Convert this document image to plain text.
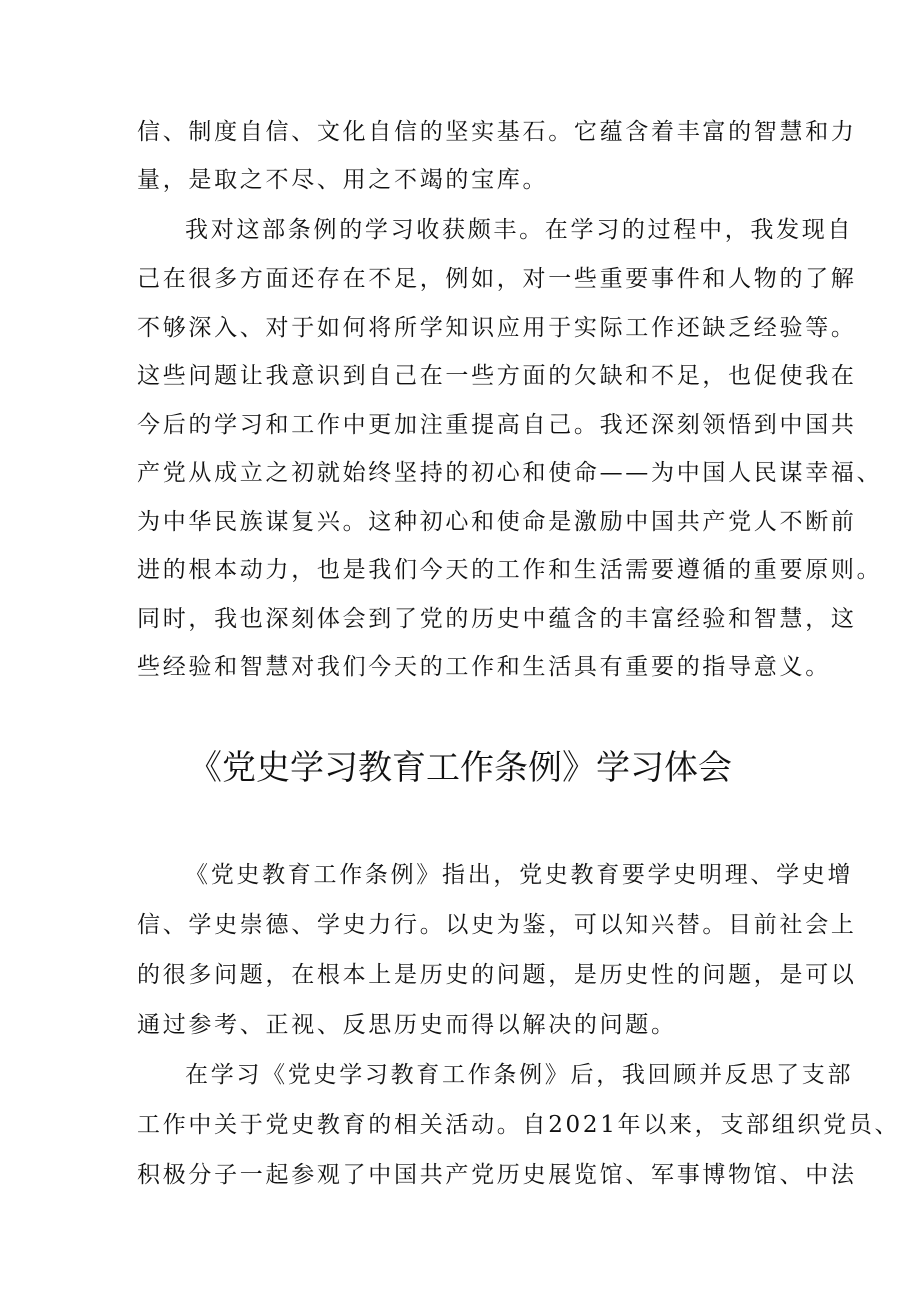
信、制度自信、文化自信的坚实基石。它蕴含着丰富的智慧和力
量，是取之不尽、用之不竭的宝库。
我对这部条例的学习收获颇丰。在学习的过程中，我发现自
己在很多方面还存在不足，例如，对一些重要事件和人物的了解
不够深入、对于如何将所学知识应用于实际工作还缺乏经验等。
这些问题让我意识到自己在一些方面的欠缺和不足，也促使我在
今后的学习和工作中更加注重提高自己。我还深刻领悟到中国共
产党从成立之初就始终坚持的初心和使命——为中国人民谋幸福、
为中华民族谋复兴。这种初心和使命是激励中国共产党人不断前
进的根本动力，也是我们今天的工作和生活需要遵循的重要原则。
同时，我也深刻体会到了党的历史中蕴含的丰富经验和智慧，这
些经验和智慧对我们今天的工作和生活具有重要的指导意义。
《党史学习教育工作条例》学习体会
《党史教育工作条例》指出，党史教育要学史明理、学史增
信、学史崇德、学史力行。以史为鉴，可以知兴替。目前社会上
的很多问题，在根本上是历史的问题，是历史性的问题，是可以
通过参考、正视、反思历史而得以解决的问题。
在学习《党史学习教育工作条例》后，我回顾并反思了支部
工作中关于党史教育的相关活动。自2021年以来，支部组织党员、
积极分子一起参观了中国共产党历史展览馆、军事博物馆、中法
